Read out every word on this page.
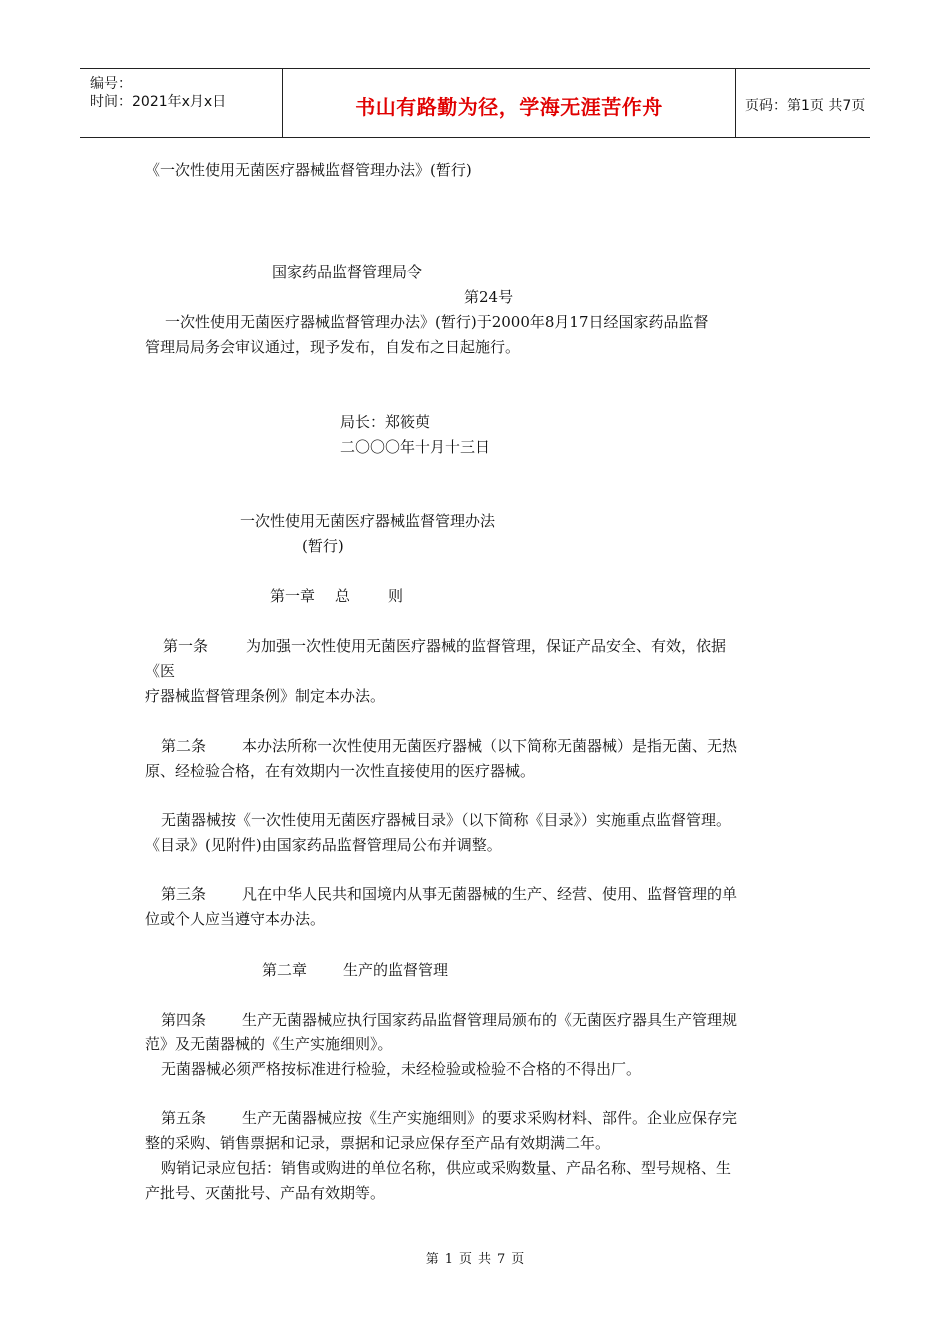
编号：
时间：2021年x月x日	书山有路勤为径，学海无涯苦作舟	页码：第1页 共7页
《一次性使用无菌医疗器械监督管理办法》(暂行)
国家药品监督管理局令
第24号
一次性使用无菌医疗器械监督管理办法》(暂行)于2000年8月17日经国家药品监督
管理局局务会审议通过，现予发布，自发布之日起施行。
局长：郑筱萸
二〇〇〇年十月十三日
一次性使用无菌医疗器械监督管理办法
(暂行)
第一章 总	则
第一条	为加强一次性使用无菌医疗器械的监督管理，保证产品安全、有效，依据
《医
疗器械监督管理条例》制定本办法。
第二条 本办法所称一次性使用无菌医疗器械（以下简称无菌器械）是指无菌、无热
原、经检验合格，在有效期内一次性直接使用的医疗器械。
无菌器械按《一次性使用无菌医疗器械目录》（以下简称《目录》）实施重点监督管理。
《目录》(见附件)由国家药品监督管理局公布并调整。
第三条 凡在中华人民共和国境内从事无菌器械的生产、经营、使用、监督管理的单
位或个人应当遵守本办法。
第二章 生产的监督管理
第四条 生产无菌器械应执行国家药品监督管理局颁布的《无菌医疗器具生产管理规
范》及无菌器械的《生产实施细则》。
无菌器械必须严格按标准进行检验，未经检验或检验不合格的不得出厂。
第五条 生产无菌器械应按《生产实施细则》的要求采购材料、部件。企业应保存完
整的采购、销售票据和记录，票据和记录应保存至产品有效期满二年。
购销记录应包括：销售或购进的单位名称，供应或采购数量、产品名称、型号规格、生
产批号、灭菌批号、产品有效期等。
第 1 页 共 7 页
